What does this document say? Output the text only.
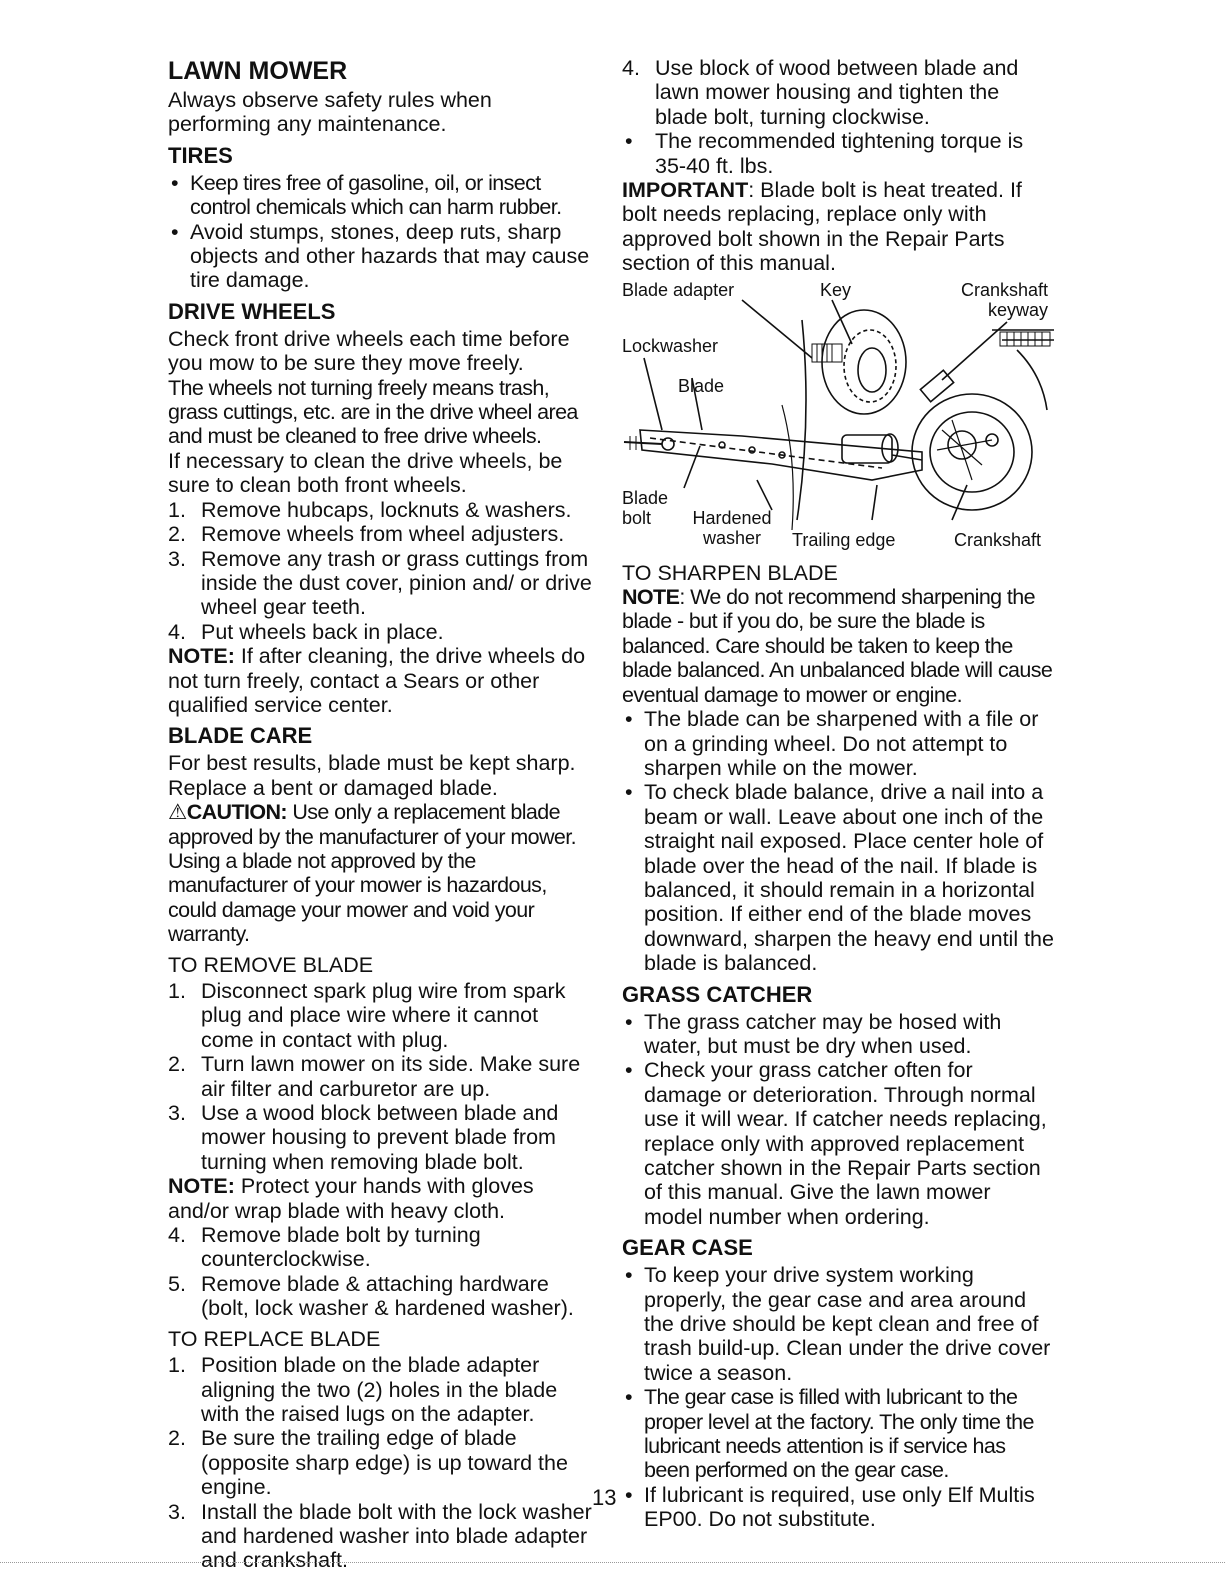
LAWN MOWER

Always observe safety rules when performing any maintenance.

TIRES
• Keep tires free of gasoline, oil, or insect control chemicals which can harm rubber.
• Avoid stumps, stones, deep ruts, sharp objects and other hazards that may cause tire damage.
DRIVE WHEELS

Check front drive wheels each time before you mow to be sure they move freely.

The wheels not turning freely means trash, grass cuttings, etc. are in the drive wheel area and must be cleaned to free drive wheels.

If necessary to clean the drive wheels, be sure to clean both front wheels.

1. Remove hubcaps, locknuts & washers.
2. Remove wheels from wheel adjusters.
3. Remove any trash or grass cuttings from inside the dust cover, pinion and/ or drive wheel gear teeth.
4. Put wheels back in place.

NOTE: If after cleaning, the drive wheels do not turn freely, contact a Sears or other qualified service center.

BLADE CARE

For best results, blade must be kept sharp. Replace a bent or damaged blade.

⚠CAUTION: Use only a replacement blade approved by the manufacturer of your mower. Using a blade not approved by the manufacturer of your mower is hazardous, could damage your mower and void your warranty.

TO REMOVE BLADE
1. Disconnect spark plug wire from spark plug and place wire where it cannot come in contact with plug.
2. Turn lawn mower on its side. Make sure air filter and carburetor are up.
3. Use a wood block between blade and mower housing to prevent blade from turning when removing blade bolt.

NOTE: Protect your hands with gloves and/or wrap blade with heavy cloth.

4. Remove blade bolt by turning counterclockwise.
5. Remove blade & attaching hardware (bolt, lock washer & hardened washer).
TO REPLACE BLADE
1. Position blade on the blade adapter aligning the two (2) holes in the blade with the raised lugs on the adapter.
2. Be sure the trailing edge of blade (opposite sharp edge) is up toward the engine.
3. Install the blade bolt with the lock washer and hardened washer into blade adapter and crankshaft.
4. Use block of wood between blade and lawn mower housing and tighten the blade bolt, turning clockwise.
• The recommended tightening torque is 35-40 ft. lbs.

IMPORTANT: Blade bolt is heat treated. If bolt needs replacing, replace only with approved bolt shown in the Repair Parts section of this manual.

Blade adapter	Key	Crankshaft keyway
Lockwasher
Blade
Blade bolt	Hardened washer	Trailing edge	Crankshaft
TO SHARPEN BLADE

NOTE: We do not recommend sharpening the blade - but if you do, be sure the blade is balanced. Care should be taken to keep the blade balanced. An unbalanced blade will cause eventual damage to mower or engine.

• The blade can be sharpened with a file or on a grinding wheel. Do not attempt to sharpen while on the mower.
• To check blade balance, drive a nail into a beam or wall. Leave about one inch of the straight nail exposed. Place center hole of blade over the head of the nail. If blade is balanced, it should remain in a horizontal position. If either end of the blade moves downward, sharpen the heavy end until the blade is balanced.
GRASS CATCHER
• The grass catcher may be hosed with water, but must be dry when used.
• Check your grass catcher often for damage or deterioration. Through normal use it will wear. If catcher needs replacing, replace only with approved replacement catcher shown in the Repair Parts section of this manual. Give the lawn mower model number when ordering.
GEAR CASE
• To keep your drive system working properly, the gear case and area around the drive should be kept clean and free of trash build-up. Clean under the drive cover twice a season.
• The gear case is filled with lubricant to the proper level at the factory. The only time the lubricant needs attention is if service has been performed on the gear case.
• If lubricant is required, use only Elf Multis EP00. Do not substitute.
13
